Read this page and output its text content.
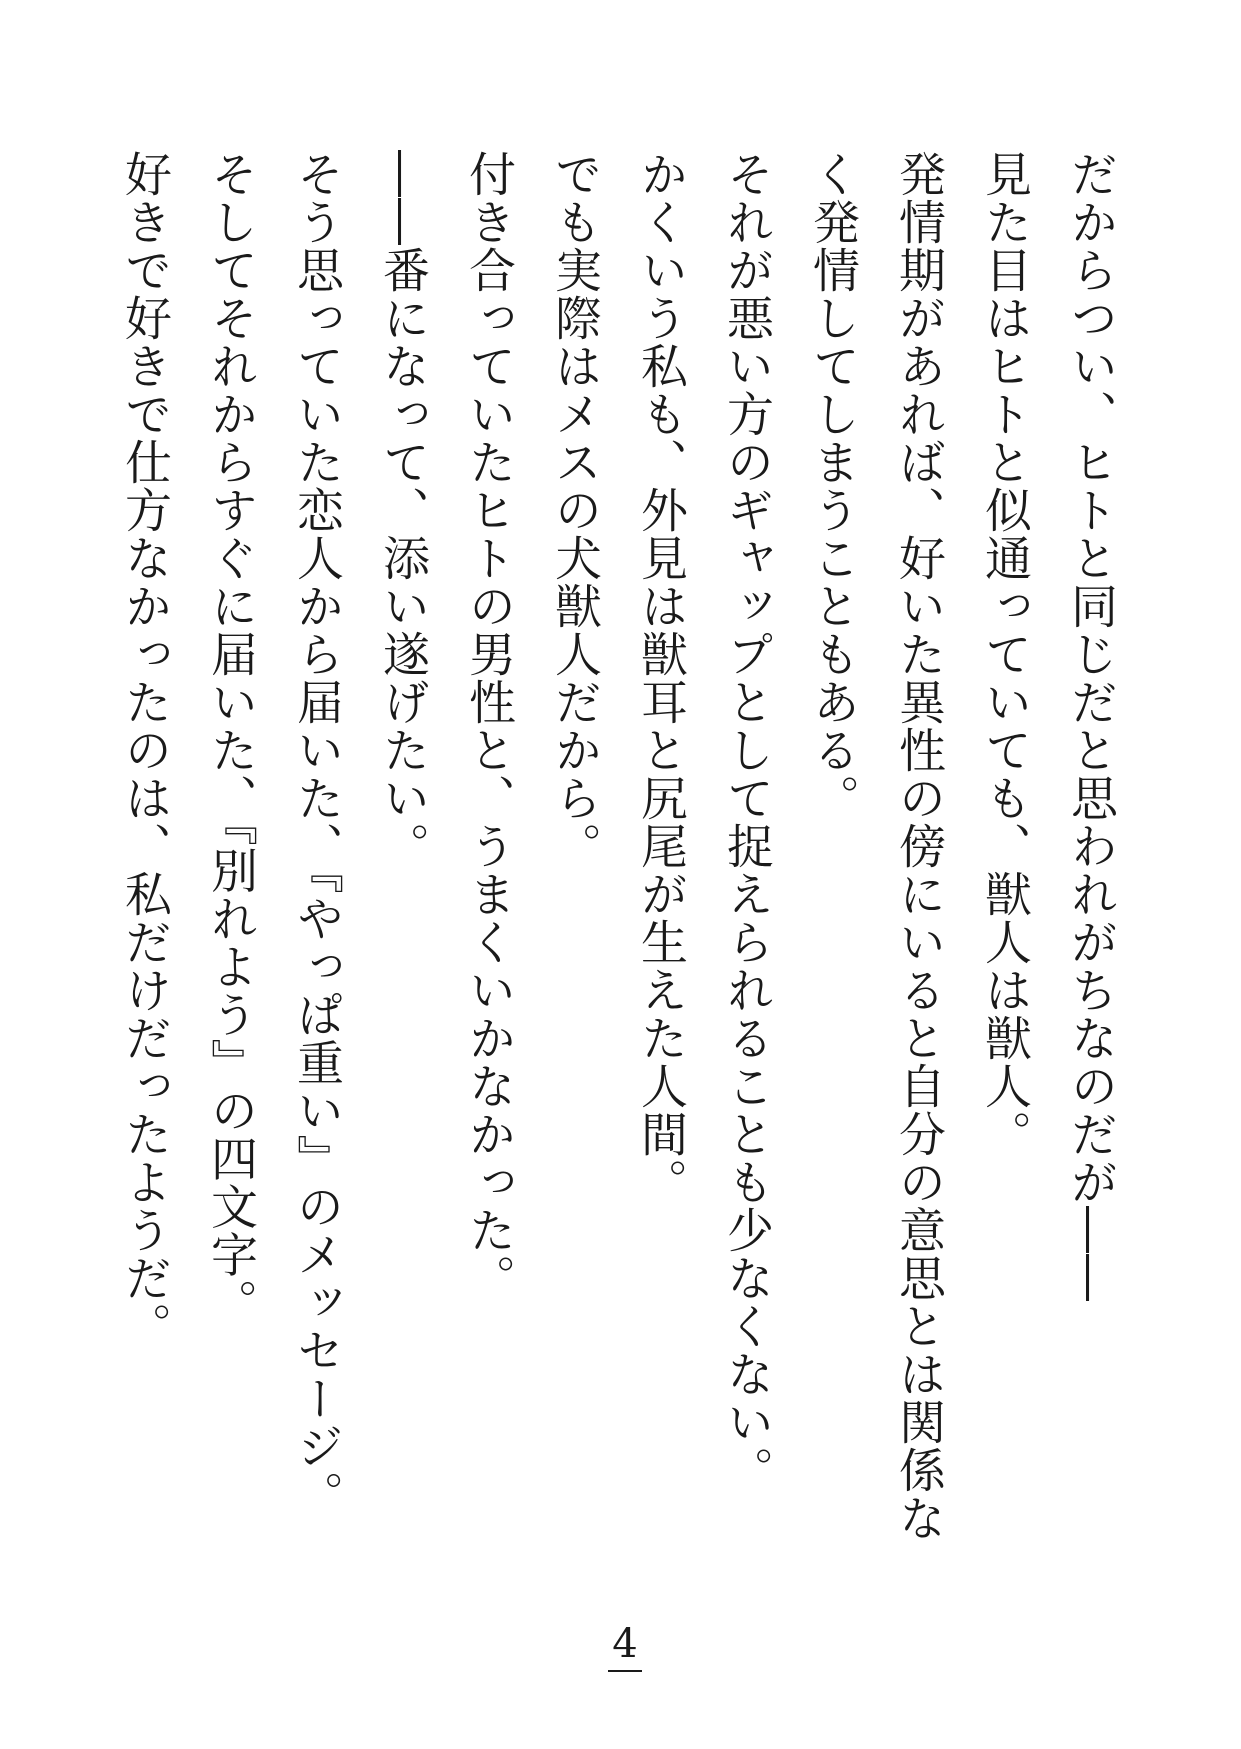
だからつい、ヒトと同じだと思われがちなのだが――
見た目はヒトと似通っていても、獣人は獣人。
発情期があれば、好いた異性の傍にいると自分の意思とは関係な
く発情してしまうこともある。
それが悪い方のギャップとして捉えられることも少なくない。
かくいう私も、外見は獣耳と尻尾が生えた人間。
でも実際はメスの犬獣人だから。
付き合っていたヒトの男性と、うまくいかなかった。
――番になって、添い遂げたい。
そう思っていた恋人から届いた、『やっぱ重い』のメッセージ。
そしてそれからすぐに届いた、『別れよう』の四文字。
好きで好きで仕方なかったのは、私だけだったようだ。
4
